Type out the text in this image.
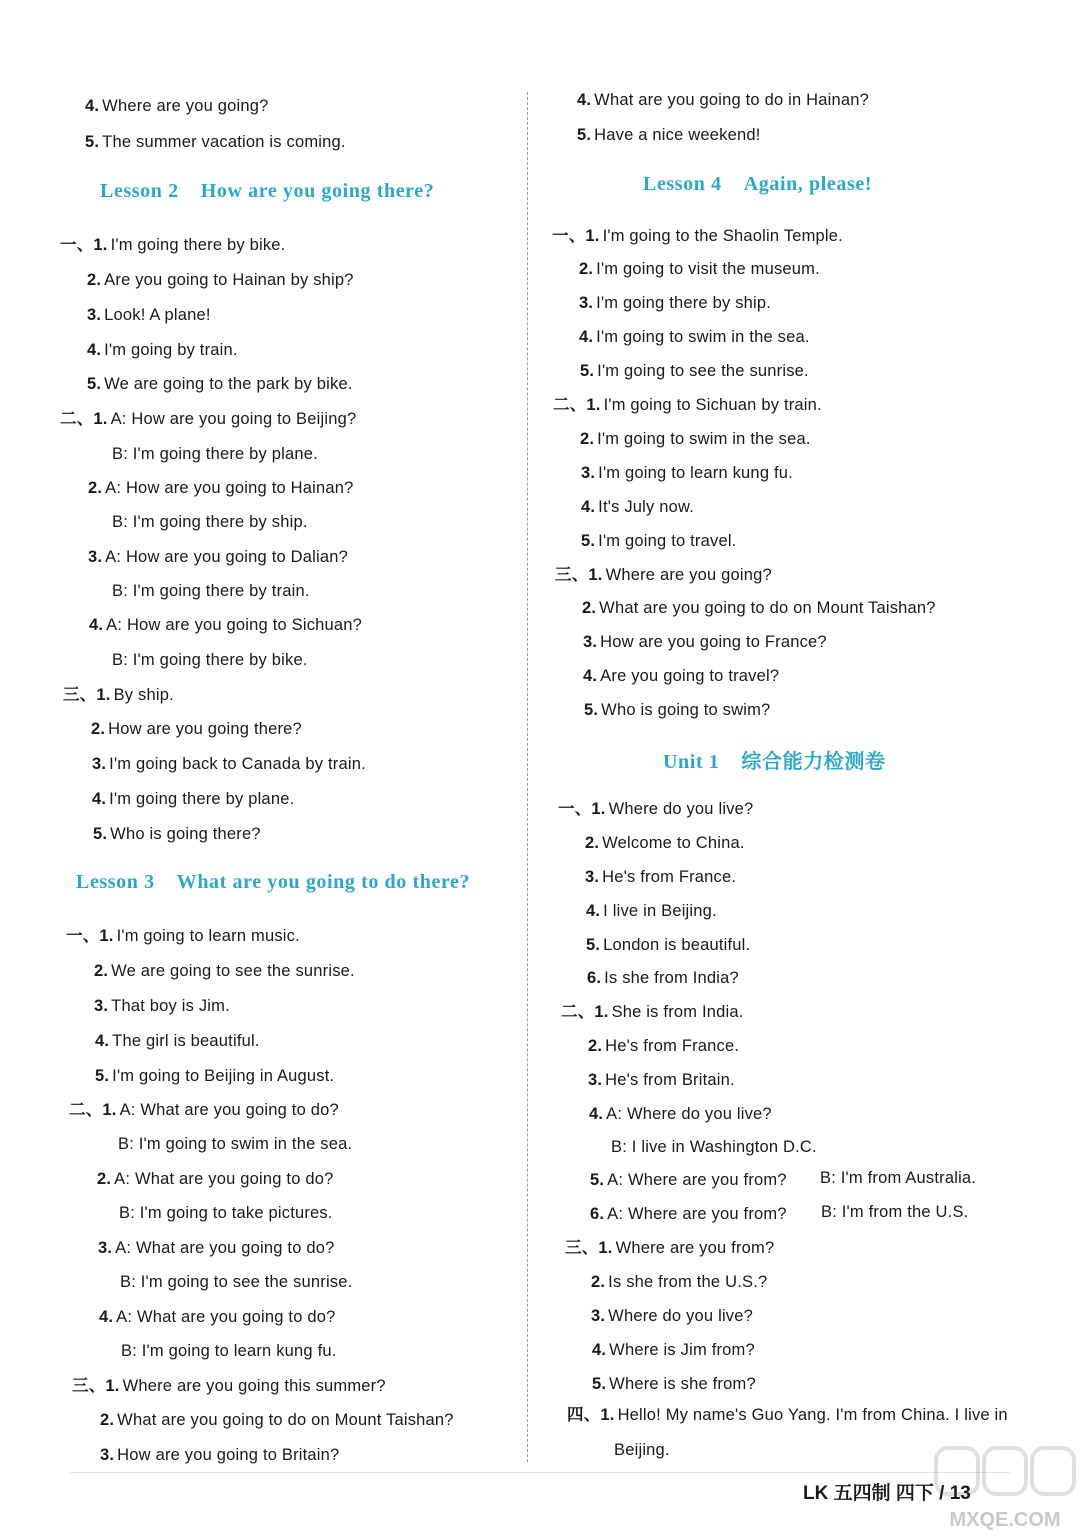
4. Where are you going?
5. The summer vacation is coming.
Lesson 2 How are you going there?
一、1. I'm going there by bike.
2. Are you going to Hainan by ship?
3. Look! A plane!
4. I'm going by train.
5. We are going to the park by bike.
二、1. A: How are you going to Beijing?
B: I'm going there by plane.
2. A: How are you going to Hainan?
B: I'm going there by ship.
3. A: How are you going to Dalian?
B: I'm going there by train.
4. A: How are you going to Sichuan?
B: I'm going there by bike.
三、1. By ship.
2. How are you going there?
3. I'm going back to Canada by train.
4. I'm going there by plane.
5. Who is going there?
Lesson 3 What are you going to do there?
一、1. I'm going to learn music.
2. We are going to see the sunrise.
3. That boy is Jim.
4. The girl is beautiful.
5. I'm going to Beijing in August.
二、1. A: What are you going to do?
B: I'm going to swim in the sea.
2. A: What are you going to do?
B: I'm going to take pictures.
3. A: What are you going to do?
B: I'm going to see the sunrise.
4. A: What are you going to do?
B: I'm going to learn kung fu.
三、1. Where are you going this summer?
2. What are you going to do on Mount Taishan?
3. How are you going to Britain?
4. What are you going to do in Hainan?
5. Have a nice weekend!
Lesson 4 Again, please!
一、1. I'm going to the Shaolin Temple.
2. I'm going to visit the museum.
3. I'm going there by ship.
4. I'm going to swim in the sea.
5. I'm going to see the sunrise.
二、1. I'm going to Sichuan by train.
2. I'm going to swim in the sea.
3. I'm going to learn kung fu.
4. It's July now.
5. I'm going to travel.
三、1. Where are you going?
2. What are you going to do on Mount Taishan?
3. How are you going to France?
4. Are you going to travel?
5. Who is going to swim?
Unit 1 综合能力检测卷
一、1. Where do you live?
2. Welcome to China.
3. He's from France.
4. I live in Beijing.
5. London is beautiful.
6. Is she from India?
二、1. She is from India.
2. He's from France.
3. He's from Britain.
4. A: Where do you live?
B: I live in Washington D.C.
5. A: Where are you from? B: I'm from Australia.
6. A: Where are you from? B: I'm from the U.S.
三、1. Where are you from?
2. Is she from the U.S.?
3. Where do you live?
4. Where is Jim from?
5. Where is she from?
四、1. Hello! My name's Guo Yang. I'm from China. I live in
Beijing.
LK 五四制 四下 / 13
MXQE.COM
